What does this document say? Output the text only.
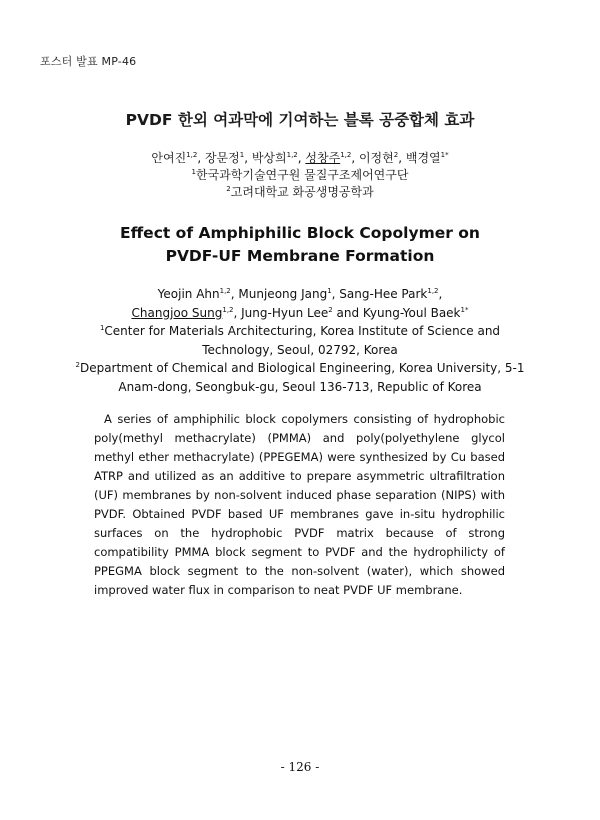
포스터 발표 MP-46
PVDF 한외 여과막에 기여하는 블록 공중합체 효과
안여진$^{1,2}$, 장문정$^1$, 박상희$^{1,2}$, 성창주$^{1,2}$, 이정현$^2$, 백경열$^{1*}$
$^1$한국과학기술연구원 물질구조제어연구단
$^2$고려대학교 화공생명공학과
Effect of Amphiphilic Block Copolymer on
PVDF-UF Membrane Formation
Yeojin Ahn$^{1,2}$, Munjeong Jang$^1$, Sang-Hee Park$^{1,2}$,
Changjoo Sung$^{1,2}$, Jung-Hyun Lee$^2$ and Kyung-Youl Baek$^{1*}$
$^1$Center for Materials Architecturing, Korea Institute of Science and
Technology, Seoul, 02792, Korea
$^2$Department of Chemical and Biological Engineering, Korea University, 5-1
Anam-dong, Seongbuk-gu, Seoul 136-713, Republic of Korea
A series of amphiphilic block copolymers consisting of hydrophobic poly(methyl methacrylate) (PMMA) and poly(polyethylene glycol methyl ether methacrylate) (PPEGEMA) were synthesized by Cu based ATRP and utilized as an additive to prepare asymmetric ultrafiltration (UF) membranes by non-solvent induced phase separation (NIPS) with PVDF. Obtained PVDF based UF membranes gave in-situ hydrophilic surfaces on the hydrophobic PVDF matrix because of strong compatibility PMMA block segment to PVDF and the hydrophilicty of PPEGMA block segment to the non-solvent (water), which showed improved water flux in comparison to neat PVDF UF membrane.
- 126 -
